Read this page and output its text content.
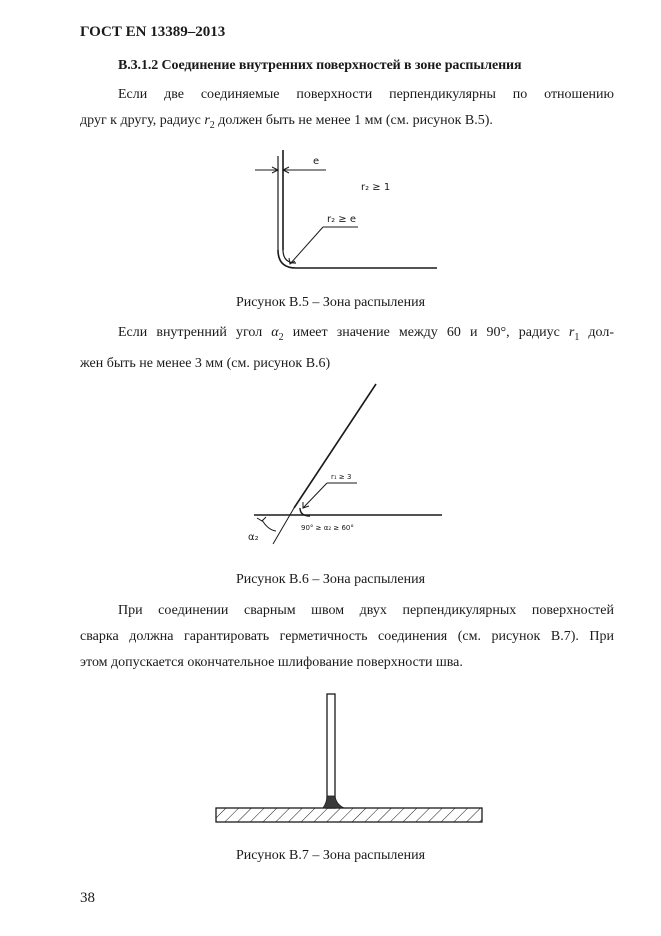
ГОСТ EN 13389–2013
В.3.1.2 Соединение внутренних поверхностей в зоне распыления
Если две соединяемые поверхности перпендикулярны по отношению
друг к другу, радиус $r_2$ должен быть не менее 1 мм (см. рисунок В.5).
e
r₂ ≥ 1
r₂ ≥ e
Рисунок В.5 – Зона распыления
Если внутренний угол $\alpha_2$ имеет значение между 60 и 90°, радиус $r_1$ дол-
жен быть не менее 3 мм (см. рисунок В.6)
r₁ ≥ 3
90° ≥ α₂ ≥ 60°
α₂
Рисунок В.6 – Зона распыления
При соединении сварным швом двух перпендикулярных поверхностей
сварка должна гарантировать герметичность соединения (см. рисунок В.7). При
этом допускается окончательное шлифование поверхности шва.
Рисунок В.7 – Зона распыления
38
